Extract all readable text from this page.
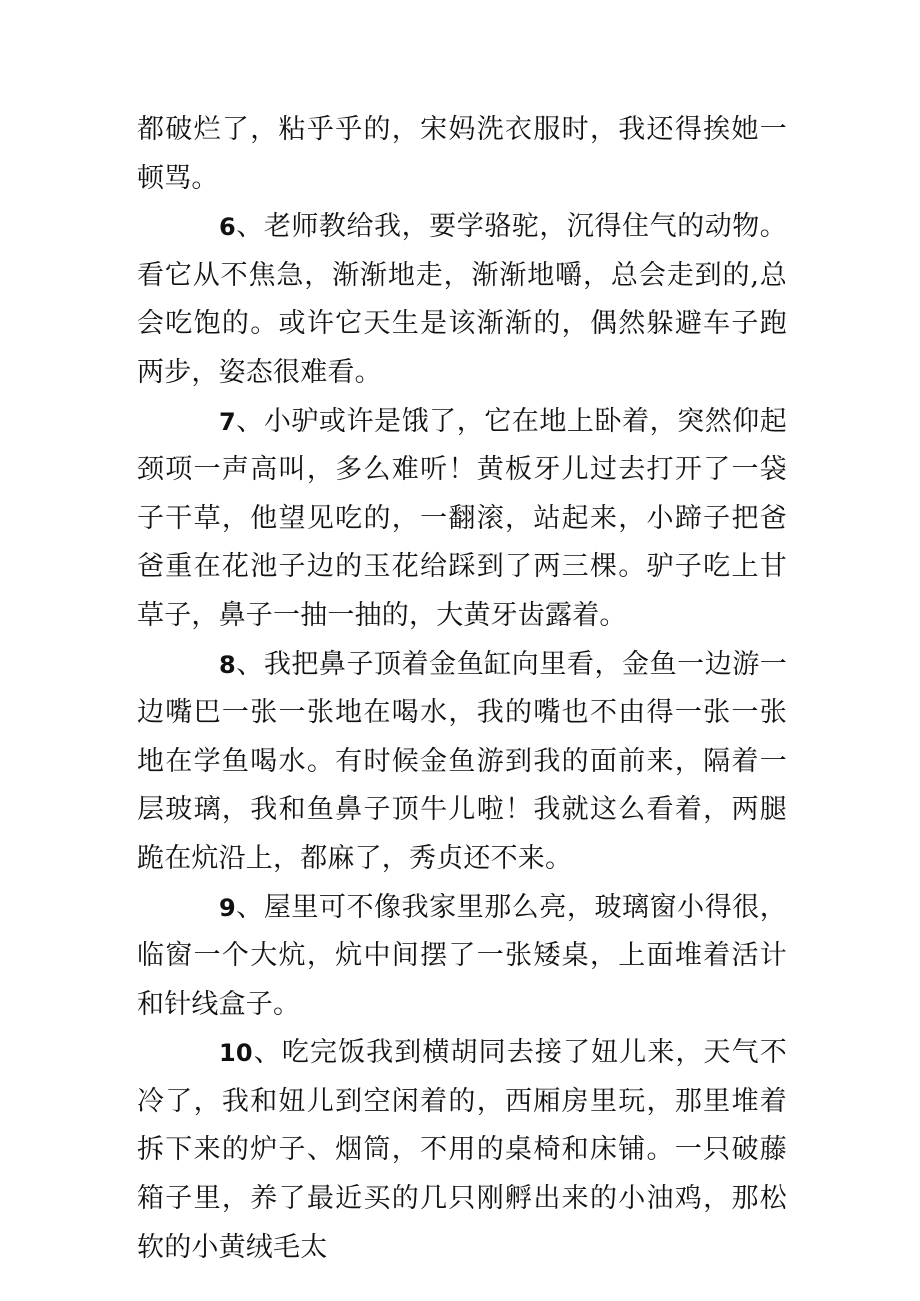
都破烂了，粘乎乎的，宋妈洗衣服时，我还得挨她一顿骂。

6、老师教给我，要学骆驼，沉得住气的动物。看它从不焦急，渐渐地走，渐渐地嚼，总会走到的,总会吃饱的。或许它天生是该渐渐的，偶然躲避车子跑两步，姿态很难看。

7、小驴或许是饿了，它在地上卧着，突然仰起颈项一声高叫，多么难听！黄板牙儿过去打开了一袋子干草，他望见吃的，一翻滚，站起来，小蹄子把爸爸重在花池子边的玉花给踩到了两三棵。驴子吃上甘草子，鼻子一抽一抽的，大黄牙齿露着。

8、我把鼻子顶着金鱼缸向里看，金鱼一边游一边嘴巴一张一张地在喝水，我的嘴也不由得一张一张地在学鱼喝水。有时候金鱼游到我的面前来，隔着一层玻璃，我和鱼鼻子顶牛儿啦！我就这么看着，两腿跪在炕沿上，都麻了，秀贞还不来。

9、屋里可不像我家里那么亮，玻璃窗小得很，临窗一个大炕，炕中间摆了一张矮桌，上面堆着活计和针线盒子。

10、吃完饭我到横胡同去接了妞儿来，天气不冷了，我和妞儿到空闲着的，西厢房里玩，那里堆着拆下来的炉子、烟筒，不用的桌椅和床铺。一只破藤箱子里，养了最近买的几只刚孵出来的小油鸡，那松软的小黄绒毛太
